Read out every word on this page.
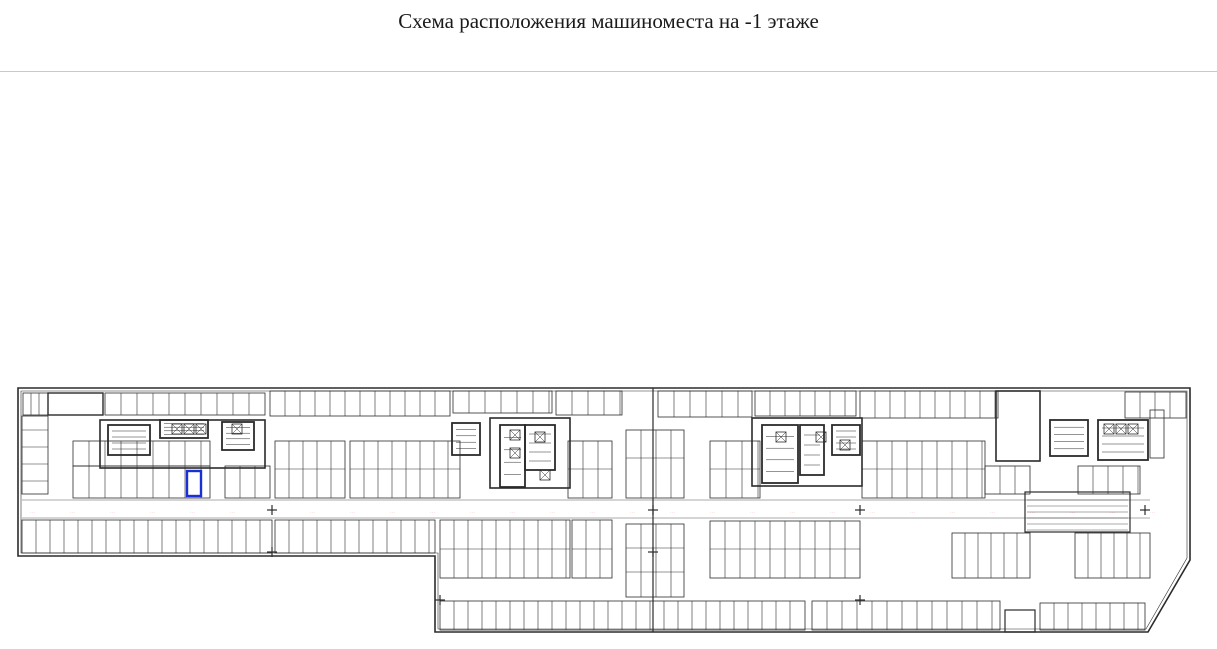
Схема расположения машиноместа на -1 этаже
. . .	. . .	. . .	. . .	. . .	. . .	. . .	. . .	. . .	. . .	. . .	. . .	. . .	. . .	. . .	. . .	. . .	. . .	. . .	. . .	. . .	. . .	. . .	. . .	. . .	. . .	. . .	. . .	. . .
